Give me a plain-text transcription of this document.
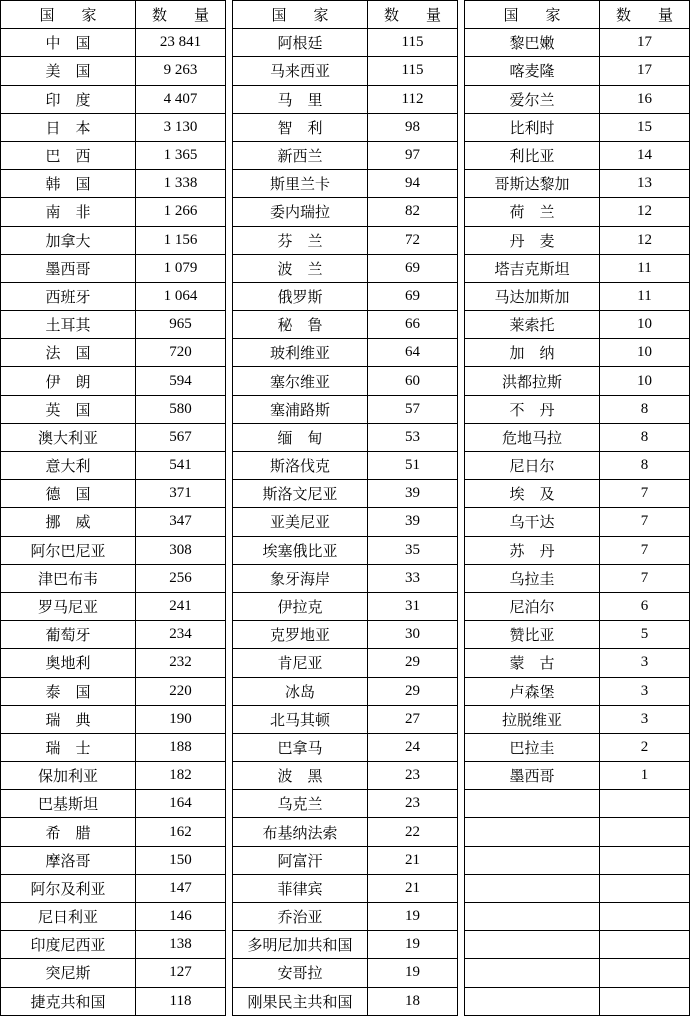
国　家	数　量
中　国	23 841
美　国	9 263
印　度	4 407
日　本	3 130
巴　西	1 365
韩　国	1 338
南　非	1 266
加拿大	1 156
墨西哥	1 079
西班牙	1 064
土耳其	965
法　国	720
伊　朗	594
英　国	580
澳大利亚	567
意大利	541
德　国	371
挪　威	347
阿尔巴尼亚	308
津巴布韦	256
罗马尼亚	241
葡萄牙	234
奥地利	232
泰　国	220
瑞　典	190
瑞　士	188
保加利亚	182
巴基斯坦	164
希　腊	162
摩洛哥	150
阿尔及利亚	147
尼日利亚	146
印度尼西亚	138
突尼斯	127
捷克共和国	118

国　家	数　量
阿根廷	115
马来西亚	115
马　里	112
智　利	98
新西兰	97
斯里兰卡	94
委内瑞拉	82
芬　兰	72
波　兰	69
俄罗斯	69
秘　鲁	66
玻利维亚	64
塞尔维亚	60
塞浦路斯	57
缅　甸	53
斯洛伐克	51
斯洛文尼亚	39
亚美尼亚	39
埃塞俄比亚	35
象牙海岸	33
伊拉克	31
克罗地亚	30
肯尼亚	29
冰岛	29
北马其顿	27
巴拿马	24
波　黑	23
乌克兰	23
布基纳法索	22
阿富汗	21
菲律宾	21
乔治亚	19
多明尼加共和国	19
安哥拉	19
刚果民主共和国	18

国　家	数　量
黎巴嫩	17
喀麦隆	17
爱尔兰	16
比利时	15
利比亚	14
哥斯达黎加	13
荷　兰	12
丹　麦	12
塔吉克斯坦	11
马达加斯加	11
莱索托	10
加　纳	10
洪都拉斯	10
不　丹	8
危地马拉	8
尼日尔	8
埃　及	7
乌干达	7
苏　丹	7
乌拉圭	7
尼泊尔	6
赞比亚	5
蒙　古	3
卢森堡	3
拉脱维亚	3
巴拉圭	2
墨西哥	1
